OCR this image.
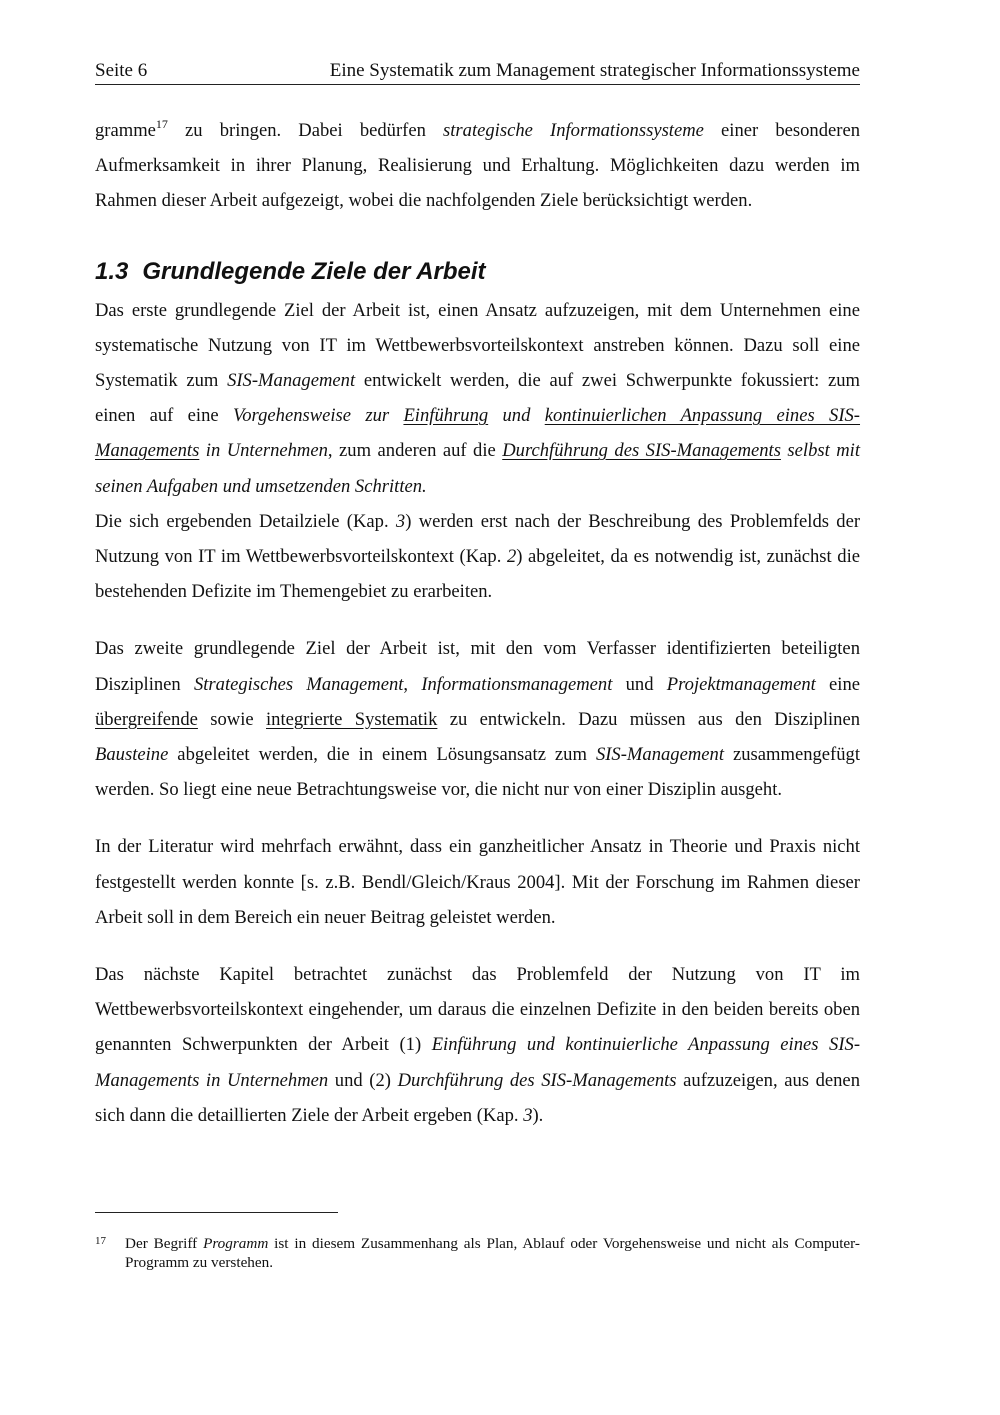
Seite 6	Eine Systematik zum Management strategischer Informationssysteme

gramme$^{17}$ zu bringen. Dabei bedürfen strategische Informationssysteme einer besonderen Aufmerksamkeit in ihrer Planung, Realisierung und Erhaltung. Möglichkeiten dazu werden im Rahmen dieser Arbeit aufgezeigt, wobei die nachfolgenden Ziele berücksichtigt werden.

1.3 Grundlegende Ziele der Arbeit

Das erste grundlegende Ziel der Arbeit ist, einen Ansatz aufzuzeigen, mit dem Unternehmen eine systematische Nutzung von IT im Wettbewerbsvorteilskontext anstreben können. Dazu soll eine Systematik zum SIS-Management entwickelt werden, die auf zwei Schwerpunkte fokussiert: zum einen auf eine Vorgehensweise zur Einführung und kontinuierlichen Anpassung eines SIS-Managements in Unternehmen, zum anderen auf die Durchführung des SIS-Managements selbst mit seinen Aufgaben und umsetzenden Schritten.
Die sich ergebenden Detailziele (Kap. 3) werden erst nach der Beschreibung des Problemfelds der Nutzung von IT im Wettbewerbsvorteilskontext (Kap. 2) abgeleitet, da es notwendig ist, zunächst die bestehenden Defizite im Themengebiet zu erarbeiten.

Das zweite grundlegende Ziel der Arbeit ist, mit den vom Verfasser identifizierten beteiligten Disziplinen Strategisches Management, Informationsmanagement und Projektmanagement eine übergreifende sowie integrierte Systematik zu entwickeln. Dazu müssen aus den Disziplinen Bausteine abgeleitet werden, die in einem Lösungsansatz zum SIS-Management zusammengefügt werden. So liegt eine neue Betrachtungsweise vor, die nicht nur von einer Disziplin ausgeht.

In der Literatur wird mehrfach erwähnt, dass ein ganzheitlicher Ansatz in Theorie und Praxis nicht festgestellt werden konnte [s. z.B. Bendl/Gleich/Kraus 2004]. Mit der Forschung im Rahmen dieser Arbeit soll in dem Bereich ein neuer Beitrag geleistet werden.

Das nächste Kapitel betrachtet zunächst das Problemfeld der Nutzung von IT im Wettbewerbsvorteilskontext eingehender, um daraus die einzelnen Defizite in den beiden bereits oben genannten Schwerpunkten der Arbeit (1) Einführung und kontinuierliche Anpassung eines SIS-Managements in Unternehmen und (2) Durchführung des SIS-Managements aufzuzeigen, aus denen sich dann die detaillierten Ziele der Arbeit ergeben (Kap. 3).

17	Der Begriff Programm ist in diesem Zusammenhang als Plan, Ablauf oder Vorgehensweise und nicht als Computer-Programm zu verstehen.
